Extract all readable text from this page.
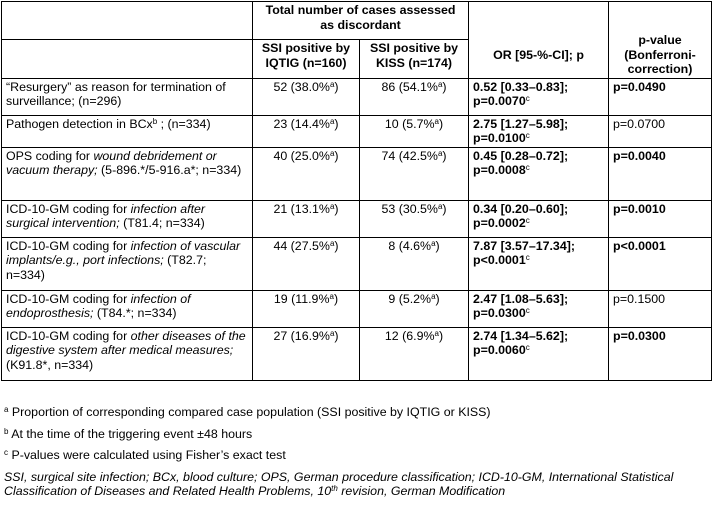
	Total number of cases assessed as discordant		OR [95-%-CI]; p	p-value (Bonferroni-correction)

	SSI positive by IQTIG (n=160)	SSI positive by KISS (n=174)		
“Resurgery” as reason for termination of surveillance; (n=296)	52 (38.0%$^a$)	86 (54.1%$^a$)	0.52 [0.33–0.83];
p=0.0070$^c$	p=0.0490
Pathogen detection in BCx$^b$ ; (n=334)	23 (14.4%$^a$)	10 (5.7%$^a$)	2.75 [1.27–5.98];
p=0.0100$^c$	p=0.0700
OPS coding for wound debridement or vacuum therapy; (5-896.*/5-916.a*; n=334)	40 (25.0%$^a$)	74 (42.5%$^a$)	0.45 [0.28–0.72];
p=0.0008$^c$	p=0.0040
ICD-10-GM coding for infection after surgical intervention; (T81.4; n=334)	21 (13.1%$^a$)	53 (30.5%$^a$)	0.34 [0.20–0.60];
p=0.0002$^c$	p=0.0010
ICD-10-GM coding for infection of vascular implants/e.g., port infections; (T82.7; n=334)	44 (27.5%$^a$)	8 (4.6%$^a$)	7.87 [3.57–17.34];
p<0.0001$^c$	p<0.0001
ICD-10-GM coding for infection of endoprosthesis; (T84.*; n=334)	19 (11.9%$^a$)	9 (5.2%$^a$)	2.47 [1.08–5.63];
p=0.0300$^c$	p=0.1500
ICD-10-GM coding for other diseases of the digestive system after medical measures; (K91.8*, n=334)	27 (16.9%$^a$)	12 (6.9%$^a$)	2.74 [1.34–5.62];
p=0.0060$^c$	p=0.0300
$^a$ Proportion of corresponding compared case population (SSI positive by IQTIG or KISS)
$^b$ At the time of the triggering event ±48 hours
$^c$ P-values were calculated using Fisher’s exact test
SSI, surgical site infection; BCx, blood culture; OPS, German procedure classification; ICD-10-GM, International Statistical Classification of Diseases and Related Health Problems, 10th revision, German Modification
